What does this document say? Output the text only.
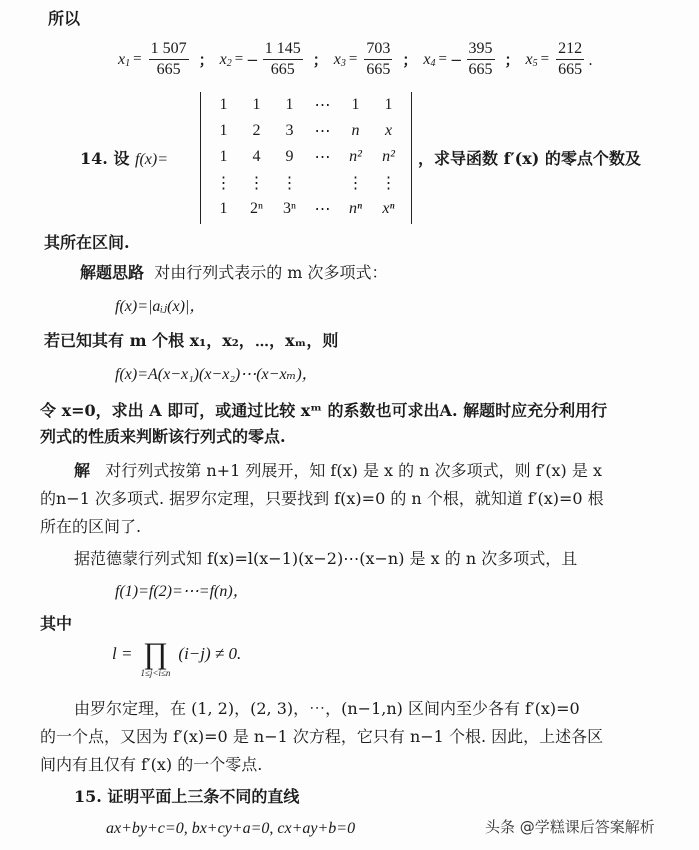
所以
$x_1 = \frac{1 507}{665}$ ； $x_2$ = − $\frac{1 145}{665}$ ； $x_3 = \frac{703}{665}$ ； $x_4$ = − $\frac{395}{665}$ ； $x_5 = \frac{212}{665}$ .
14. 设 f(x)=
1	1	1	⋯	1	1
1	2	3	⋯	n	x
1	4	9	⋯	n²	n²
⋮	⋮	⋮		⋮	⋮
1	2ⁿ	3ⁿ	⋯	nⁿ	xⁿ
，求导函数 f′(x) 的零点个数及
其所在区间.
解题思路 对由行列式表示的 m 次多项式：
f(x)=|aᵢⱼ(x)|，
若已知其有 m 个根 x₁，x₂，⋯，xₘ，则
f(x)=A(x−x₁)(x−x₂)⋯(x−xₘ)，
令 x=0，求出 A 即可，或通过比较 xᵐ 的系数也可求出A. 解题时应充分利用行
列式的性质来判断该行列式的零点.
解 对行列式按第 n+1 列展开，知 f(x) 是 x 的 n 次多项式，则 f′(x) 是 x
的n−1 次多项式. 据罗尔定理，只要找到 f(x)=0 的 n 个根，就知道 f′(x)=0 根
所在的区间了.
据范德蒙行列式知 f(x)=l(x−1)(x−2)⋯(x−n) 是 x 的 n 次多项式，且
f(1)=f(2)=⋯=f(n)，
其中
l = ∏
1≤j<i≤n
(i−j) ≠ 0.
由罗尔定理，在 (1, 2)，(2, 3)，⋯，(n−1,n) 区间内至少各有 f′(x)=0
的一个点，又因为 f′(x)=0 是 n−1 次方程，它只有 n−1 个根. 因此，上述各区
间内有且仅有 f′(x) 的一个零点.
15. 证明平面上三条不同的直线
ax+by+c=0, bx+cy+a=0, cx+ay+b=0	头条 @学糕课后答案解析
